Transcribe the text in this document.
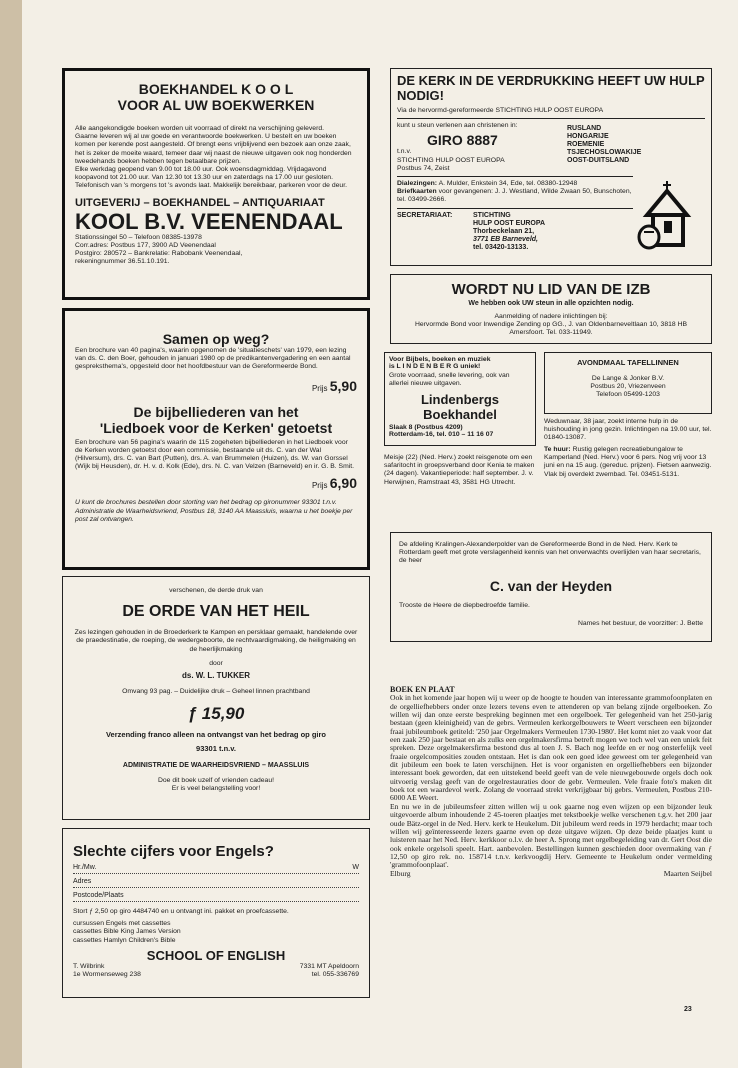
BOEKHANDEL K O O L
VOOR AL UW BOEKWERKEN
Alle aangekondigde boeken worden uit voorraad of direkt na verschijning geleverd.
Gaarne leveren wij al uw goede en verantwoorde boekwerken. U besteIt en uw boeken komen per kerende post aangesteld. Of brengt eens vrijblijvend een bezoek aan onze zaak, het is zeker de moeite waard, temeer daar wij naast de nieuwe uitgaven ook nog honderden tweedehands boeken hebben tegen betaalbare prijzen.
Elke werkdag geopend van 9.00 tot 18.00 uur. Ook woensdagmiddag. Vrijdagavond koopavond tot 21.00 uur. Van 12.30 tot 13.30 uur en zaterdags na 17.00 uur gesloten. Telefonisch van 's morgens tot 's avonds laat. Makkelijk bereikbaar, parkeren voor de deur.
UITGEVERIJ – BOEKHANDEL – ANTIQUARIAAT
KOOL B.V. VEENENDAAL
Stationssingel 50 – Telefoon 08385-13978
Corr.adres: Postbus 177, 3900 AD Veenendaal
Postgiro: 280572 – Bankrelatie: Rabobank Veenendaal,
rekeningnummer 36.51.10.191.
Samen op weg?
Een brochure van 40 pagina's, waarin opgenomen de 'situatieschets' van 1979, een lezing van ds. C. den Boer, gehouden in januari 1980 op de predikantenvergadering en een aantal gespreksthema's, opgesteld door het hoofdbestuur van de Gereformeerde Bond.
Prijs 5,90
De bijbelliederen van het
'Liedboek voor de Kerken' getoetst
Een brochure van 56 pagina's waarin de 115 zogeheten bijbelliederen in het Liedboek voor de Kerken worden getoetst door een commissie, bestaande uit ds. C. van der Wal (Hilversum), drs. C. van Bart (Putten), drs. A. van Brummelen (Huizen), ds. W. van Gorssel (Wijk bij Heusden), dr. H. v. d. Kolk (Ede), drs. N. C. van Velzen (Barneveld) en ir. G. B. Smit.
Prijs 6,90
U kunt de brochures bestellen door storting van het bedrag op gironummer 93301 t.n.v. Administratie de Waarheidsvriend, Postbus 18, 3140 AA Maassluis, waarna u het boekje per post zal ontvangen.
verschenen, de derde druk van
DE ORDE VAN HET HEIL
Zes lezingen gehouden in de Broederkerk te Kampen en persklaar gemaakt, handelende over de praedestinatie, de roeping, de wedergeboorte, de rechtvaardigmaking, de heiligmaking en de heerlijkmaking
door
ds. W. L. TUKKER
Omvang 93 pag. – Duidelijke druk – Geheel linnen prachtband
ƒ 15,90
Verzending franco alleen na ontvangst van het bedrag op giro
93301 t.n.v.
ADMINISTRATIE DE WAARHEIDSVRIEND – MAASSLUIS
Doe dit boek uzelf of vrienden cadeau!
Er is veel belangstelling voor!
Slechte cijfers voor Engels?
Hr./Mw.	W
Adres
Postcode/Plaats
Stort ƒ 2,50 op giro 4484740 en u ontvangt ini. pakket en proefcassette.
cursussen Engels met cassettes
cassettes Bible King James Version
cassettes Hamlyn Children's Bible
SCHOOL OF ENGLISH
T. Wilbrink	7331 MT Apeldoorn
1e Wormenseweg 238	tel. 055-336769
DE KERK IN DE VERDRUKKING HEEFT UW HULP NODIG!
Via de hervormd-gereformeerde STICHTING HULP OOST EUROPA
kunt u steun verlenen aan christenen in:	RUSLAND
HONGARIJE
ROEMENIE
TSJECHOSLOWAKIJE
OOST-DUITSLAND
GIRO 8887
t.n.v.
STICHTING HULP OOST EUROPA
Postbus 74, Zeist
Dialezingen: A. Mulder, Enkstein 34, Ede, tel. 08380-12948
Briefkaarten voor gevangenen: J. J. Westland, Wilde Zwaan 50, Bunschoten, tel. 03499-2666.
SECRETARIAAT:	STICHTING
HULP OOST EUROPA
Thorbeckelaan 21,
3771 EB Barneveld,
tel. 03420-13133.
WORDT NU LID VAN DE IZB
We hebben ook UW steun in alle opzichten nodig.
Aanmelding of nadere inlichtingen bij:
Hervormde Bond voor Inwendige Zending op GG., J. van Oldenbarneveltlaan 10, 3818 HB Amersfoort. Tel. 033-11949.
Voor Bijbels, boeken en muziek
is L I N D E N B E R G uniek!
Grote voorraad, snelle levering, ook van allerlei nieuwe uitgaven.
Lindenbergs
Boekhandel
Slaak 8 (Postbus 4209)
Rotterdam-16, tel. 010 – 11 16 07
AVONDMAAL TAFELLINNEN
De Lange & Jonker B.V.
Postbus 20, Vriezenveen
Telefoon 05499-1203
Meisje (22) (Ned. Herv.) zoekt reisgenote om een safaritocht in groepsverband door Kenia te maken (24 dagen). Vakantieperiode: half september. J. v. Herwijnen, Ramstraat 43, 3581 HG Utrecht.
Weduwnaar, 38 jaar, zoekt interne hulp in de huishouding in jong gezin. Inlichtingen na 19.00 uur, tel. 01840-13087.
Te huur: Rustig gelegen recreatiebungalow te Kamperland (Ned. Herv.) voor 6 pers. Nog vrij voor 13 juni en na 15 aug. (gereduc. prijzen). Fietsen aanwezig. Vlak bij overdekt zwembad. Tel. 03451-5131.
De afdeling Kralingen-Alexanderpolder van de Gereformeerde Bond in de Ned. Herv. Kerk te Rotterdam geeft met grote verslagenheid kennis van het onverwachts overlijden van haar secretaris, de heer
C. van der Heyden
Trooste de Heere de diepbedroefde familie.
Names het bestuur, de voorzitter: J. Bette
BOEK EN PLAAT
Ook in het komende jaar hopen wij u weer op de hoogte te houden van interessante grammofoonplaten en de orgelliefhebbers onder onze lezers tevens even te attenderen op van belang zijnde orgelboeken. Zo willen wij dan onze eerste bespreking beginnen met een orgelboek. Ter gelegenheid van het 250-jarig bestaan (geen kleinigheid) van de gebrs. Vermeulen kerkorgelbouwers te Weert verscheen een bijzonder fraai jubileumboek getiteld: '250 jaar Orgelmakers Vermeulen 1730-1980'. Het komt niet zo vaak voor dat een zaak 250 jaar bestaat en als zulks een orgelmakersfirma betreft mogen we toch wel van een uniek feit spreken. Deze orgelmakersfirma bestond dus al toen J. S. Bach nog leefde en er nog onsterfelijk veel fraaie orgelcomposities zouden ontstaan. Het is dan ook een goed idee geweest om ter gelegenheid van dit jubileum een boek te laten verschijnen. Het is voor organisten en orgelliefhebbers een bijzonder interessant boek geworden, dat een uitstekend beeld geeft van de vele nieuwgebouwde orgels doch ook uitvoerig verslag geeft van de orgelrestauraties door de gebr. Vermeulen. Vele fraaie foto's maken dit boek tot een waardevol werk. Zolang de voorraad strekt verkrijgbaar bij gebrs. Vermeulen, Postbus 210-6000 AE Weert.
En nu we in de jubileumsfeer zitten willen wij u ook gaarne nog even wijzen op een bijzonder leuk uitgevoerde album inhoudende 2 45-toeren plaatjes met tekstboekje welke verschenen t.g.v. het 200 jaar oude Bätz-orgel in de Ned. Herv. kerk te Heukelum. Dit jubileum werd reeds in 1979 herdacht; maar toch willen wij geïnteresseerde lezers gaarne even op deze uitgave wijzen. Op deze beide plaatjes kunt u luisteren naar het Ned. Herv. kerkkoor o.l.v. de heer A. Sprong met orgelbegeleiding van dr. Gert Oost die ook enkele orgelsoli speelt. Hart. aanbevolen. Bestellingen kunnen geschieden door overmaking van ƒ 12,50 op giro rek. no. 158714 t.n.v. kerkvoogdij Herv. Gemeente te Heukelum onder vermelding 'grammofoonplaat'.
Elburg	Maarten Seijbel
23
